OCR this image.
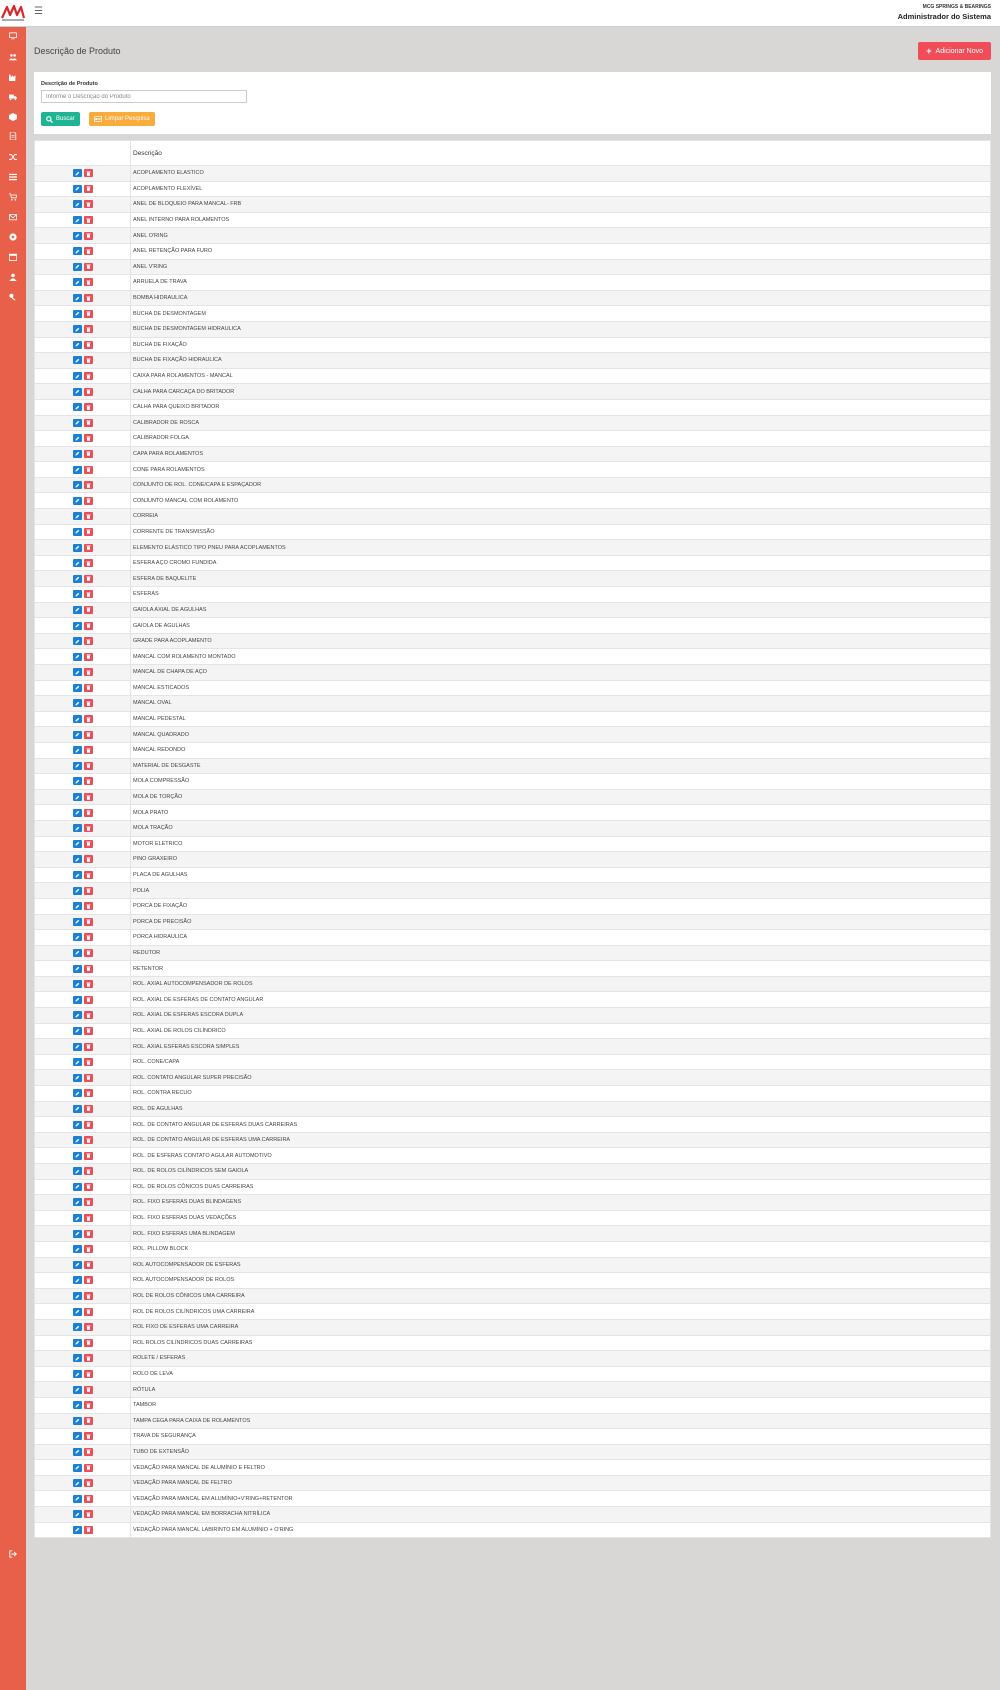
☰	MCG SPRINGS & BEARINGS
Administrador do Sistema
Descrição de Produto	+ Adicionar Novo
Descrição de Produto
Informe o Descrição do Produto
Buscar	Limpar Pesquisa
	Descrição

	ACOPLAMENTO ELASTICO

	ACOPLAMENTO FLEXÍVEL

	ANEL DE BLOQUEIO PARA MANCAL- FRB

	ANEL INTERNO PARA ROLAMENTOS

	ANEL O'RING

	ANEL RETENÇÃO PARA FURO

	ANEL V'RING

	ARRUELA DE TRAVA

	BOMBA HIDRAULICA

	BUCHA DE DESMONTAGEM

	BUCHA DE DESMONTAGEM HIDRAULICA

	BUCHA DE FIXAÇÃO

	BUCHA DE FIXAÇÃO HIDRAULICA

	CAIXA PARA ROLAMENTOS - MANCAL

	CALHA PARA CARCAÇA DO BRITADOR

	CALHA PARA QUEIXO BRITADOR

	CALIBRADOR DE ROSCA

	CALIBRADOR FOLGA

	CAPA PARA ROLAMENTOS

	CONE PARA ROLAMENTOS

	CONJUNTO DE ROL. CONE/CAPA E ESPAÇADOR

	CONJUNTO MANCAL COM ROLAMENTO

	CORREIA

	CORRENTE DE TRANSMISSÃO

	ELEMENTO ELÁSTICO TIPO PNEU PARA ACOPLAMENTOS

	ESFERA AÇO CROMO FUNDIDA

	ESFERA DE BAQUELITE

	ESFERAS

	GAIOLA AXIAL DE AGULHAS

	GAIOLA DE AGULHAS

	GRADE PARA ACOPLAMENTO

	MANCAL COM ROLAMENTO MONTADO

	MANCAL DE CHAPA DE AÇO

	MANCAL ESTICADOS

	MANCAL OVAL

	MANCAL PEDESTAL

	MANCAL QUADRADO

	MANCAL REDONDO

	MATERIAL DE DESGASTE

	MOLA COMPRESSÃO

	MOLA DE TORÇÃO

	MOLA PRATO

	MOLA TRAÇÃO

	MOTOR ELETRICO

	PINO GRAXEIRO

	PLACA DE AGULHAS

	POLIA

	PORCA DE FIXAÇÃO

	PORCA DE PRECISÃO

	PORCA HIDRAULICA

	REDUTOR

	RETENTOR

	ROL. AXIAL AUTOCOMPENSADOR DE ROLOS

	ROL. AXIAL DE ESFERAS DE CONTATO ANGULAR

	ROL. AXIAL DE ESFERAS ESCORA DUPLA

	ROL. AXIAL DE ROLOS CILÍNDRICO

	ROL. AXIAL ESFERAS ESCORA SIMPLES

	ROL. CONE/CAPA

	ROL. CONTATO ANGULAR SUPER PRECISÃO

	ROL. CONTRA RECUO

	ROL. DE AGULHAS

	ROL. DE CONTATO ANGULAR DE ESFERAS DUAS CARREIRAS

	ROL. DE CONTATO ANGULAR DE ESFERAS UMA CARREIRA

	ROL. DE ESFERAS CONTATO AGULAR AUTOMOTIVO

	ROL. DE ROLOS CILÍNDRICOS SEM GAIOLA

	ROL. DE ROLOS CÔNICOS DUAS CARREIRAS

	ROL. FIXO ESFERAS DUAS BLINDAGENS

	ROL. FIXO ESFERAS DUAS VEDAÇÕES

	ROL. FIXO ESFERAS UMA BLINDAGEM

	ROL. PILLOW BLOCK

	ROL AUTOCOMPENSADOR DE ESFERAS

	ROL AUTOCOMPENSADOR DE ROLOS

	ROL DE ROLOS CÔNICOS UMA CARREIRA

	ROL DE ROLOS CILÍNDRICOS UMA CARREIRA

	ROL FIXO DE ESFERAS UMA CARREIRA

	ROL ROLOS CILÍNDRICOS DUAS CARREIRAS

	ROLETE / ESFERAS

	ROLO DE LEVA

	RÓTULA

	TAMBOR

	TAMPA CEGA PARA CAIXA DE ROLAMENTOS

	TRAVA DE SEGURANÇA

	TUBO DE EXTENSÃO

	VEDAÇÃO PARA MANCAL DE ALUMÍNIO E FELTRO

	VEDAÇÃO PARA MANCAL DE FELTRO

	VEDAÇÃO PARA MANCAL EM ALUMÍNIO+V'RING+RETENTOR

	VEDAÇÃO PARA MANCAL EM BORRACHA NITRÍLICA

	VEDAÇÃO PARA MANCAL LABIRINTO EM ALUMÍNIO + O'RING
